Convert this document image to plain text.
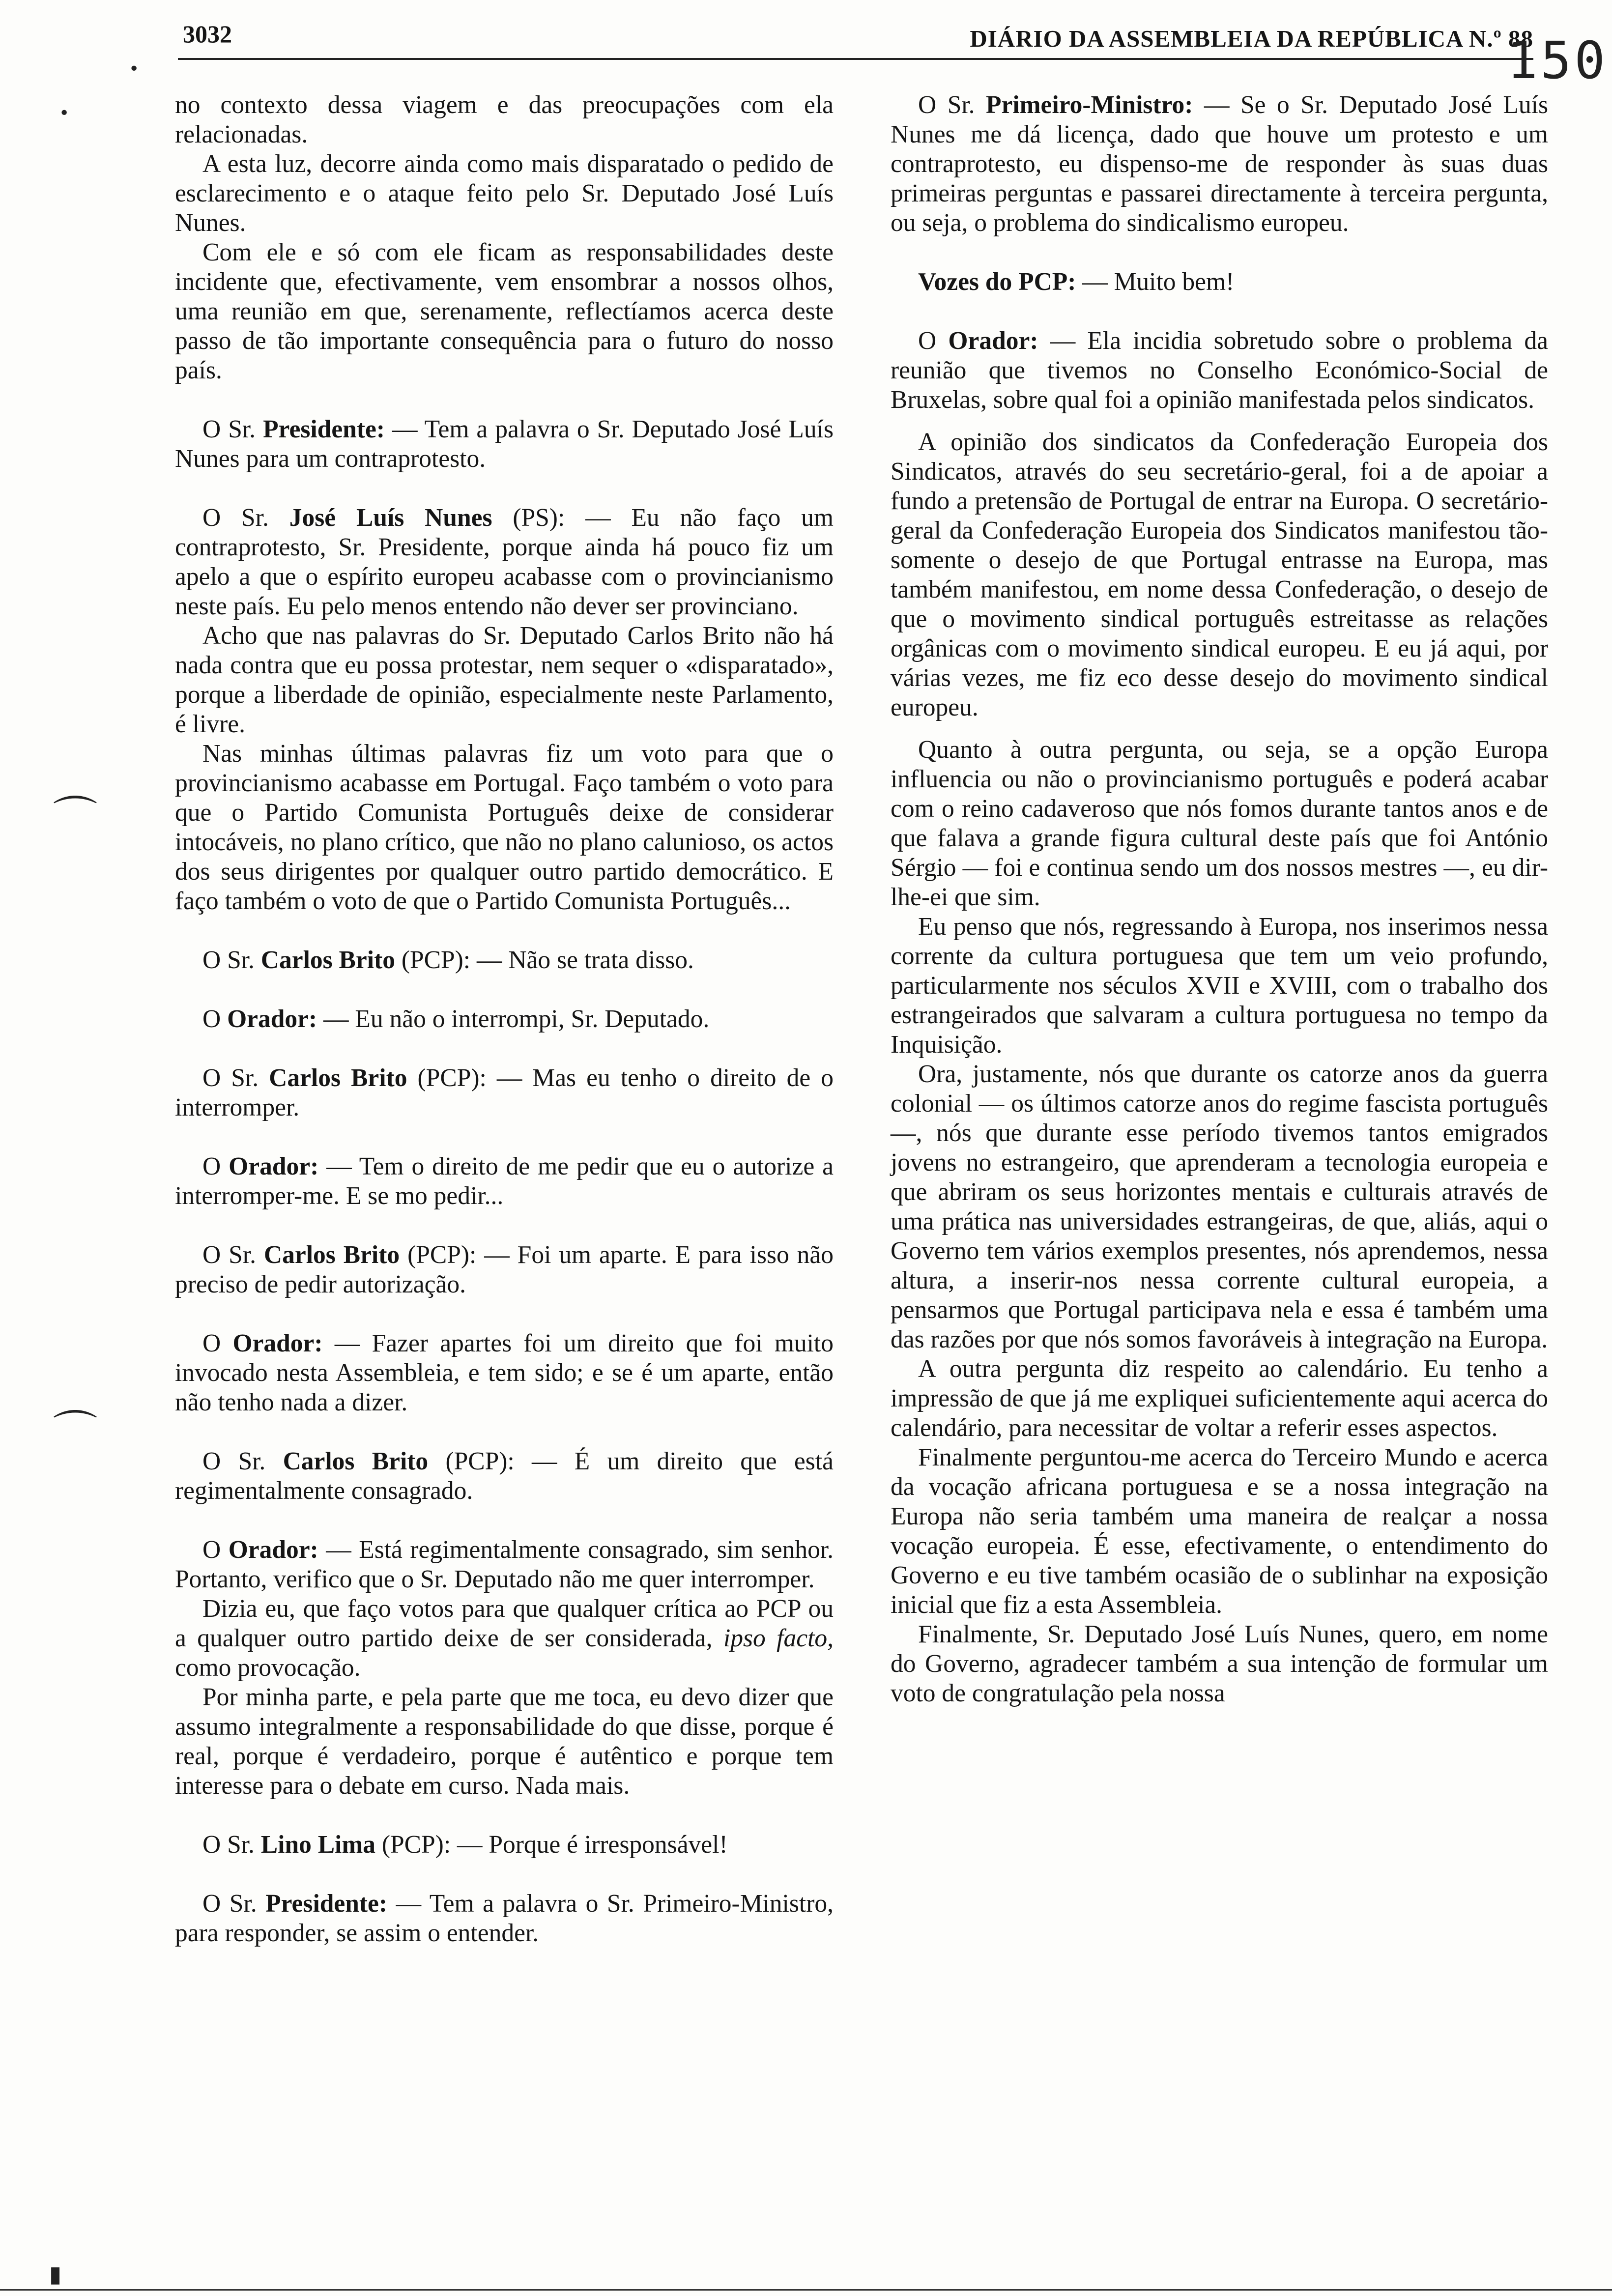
3032	DIÁRIO DA ASSEMBLEIA DA REPÚBLICA N.º 88
150

no contexto dessa viagem e das preocupações com ela relacionadas.

A esta luz, decorre ainda como mais disparatado o pedido de esclarecimento e o ataque feito pelo Sr. Deputado José Luís Nunes.

Com ele e só com ele ficam as responsabilidades deste incidente que, efectivamente, vem ensombrar a nossos olhos, uma reunião em que, serenamente, reflectíamos acerca deste passo de tão importante consequência para o futuro do nosso país.

O Sr. Presidente: — Tem a palavra o Sr. Deputado José Luís Nunes para um contraprotesto.

O Sr. José Luís Nunes (PS): — Eu não faço um contraprotesto, Sr. Presidente, porque ainda há pouco fiz um apelo a que o espírito europeu acabasse com o provincianismo neste país. Eu pelo menos entendo não dever ser provinciano.

Acho que nas palavras do Sr. Deputado Carlos Brito não há nada contra que eu possa protestar, nem sequer o «disparatado», porque a liberdade de opinião, especialmente neste Parlamento, é livre.

Nas minhas últimas palavras fiz um voto para que o provincianismo acabasse em Portugal. Faço também o voto para que o Partido Comunista Português deixe de considerar intocáveis, no plano crítico, que não no plano calunioso, os actos dos seus dirigentes por qualquer outro partido democrático. E faço também o voto de que o Partido Comunista Português...

O Sr. Carlos Brito (PCP): — Não se trata disso.

O Orador: — Eu não o interrompi, Sr. Deputado.

O Sr. Carlos Brito (PCP): — Mas eu tenho o direito de o interromper.

O Orador: — Tem o direito de me pedir que eu o autorize a interromper-me. E se mo pedir...

O Sr. Carlos Brito (PCP): — Foi um aparte. E para isso não preciso de pedir autorização.

O Orador: — Fazer apartes foi um direito que foi muito invocado nesta Assembleia, e tem sido; e se é um aparte, então não tenho nada a dizer.

O Sr. Carlos Brito (PCP): — É um direito que está regimentalmente consagrado.

O Orador: — Está regimentalmente consagrado, sim senhor. Portanto, verifico que o Sr. Deputado não me quer interromper.

Dizia eu, que faço votos para que qualquer crítica ao PCP ou a qualquer outro partido deixe de ser considerada, ipso facto, como provocação.

Por minha parte, e pela parte que me toca, eu devo dizer que assumo integralmente a responsabilidade do que disse, porque é real, porque é verdadeiro, porque é autêntico e porque tem interesse para o debate em curso. Nada mais.

O Sr. Lino Lima (PCP): — Porque é irresponsável!

O Sr. Presidente: — Tem a palavra o Sr. Primeiro-Ministro, para responder, se assim o entender.

O Sr. Primeiro-Ministro: — Se o Sr. Deputado José Luís Nunes me dá licença, dado que houve um protesto e um contraprotesto, eu dispenso-me de responder às suas duas primeiras perguntas e passarei directamente à terceira pergunta, ou seja, o problema do sindicalismo europeu.

Vozes do PCP: — Muito bem!

O Orador: — Ela incidia sobretudo sobre o problema da reunião que tivemos no Conselho Económico-Social de Bruxelas, sobre qual foi a opinião manifestada pelos sindicatos.

A opinião dos sindicatos da Confederação Europeia dos Sindicatos, através do seu secretário-geral, foi a de apoiar a fundo a pretensão de Portugal de entrar na Europa. O secretário-geral da Confederação Europeia dos Sindicatos manifestou tão-somente o desejo de que Portugal entrasse na Europa, mas também manifestou, em nome dessa Confederação, o desejo de que o movimento sindical português estreitasse as relações orgânicas com o movimento sindical europeu. E eu já aqui, por várias vezes, me fiz eco desse desejo do movimento sindical europeu.

Quanto à outra pergunta, ou seja, se a opção Europa influencia ou não o provincianismo português e poderá acabar com o reino cadaveroso que nós fomos durante tantos anos e de que falava a grande figura cultural deste país que foi António Sérgio — foi e continua sendo um dos nossos mestres —, eu dir-lhe-ei que sim.

Eu penso que nós, regressando à Europa, nos inserimos nessa corrente da cultura portuguesa que tem um veio profundo, particularmente nos séculos XVII e XVIII, com o trabalho dos estrangeirados que salvaram a cultura portuguesa no tempo da Inquisição.

Ora, justamente, nós que durante os catorze anos da guerra colonial — os últimos catorze anos do regime fascista português —, nós que durante esse período tivemos tantos emigrados jovens no estrangeiro, que aprenderam a tecnologia europeia e que abriram os seus horizontes mentais e culturais através de uma prática nas universidades estrangeiras, de que, aliás, aqui o Governo tem vários exemplos presentes, nós aprendemos, nessa altura, a inserir-nos nessa corrente cultural europeia, a pensarmos que Portugal participava nela e essa é também uma das razões por que nós somos favoráveis à integração na Europa.

A outra pergunta diz respeito ao calendário. Eu tenho a impressão de que já me expliquei suficientemente aqui acerca do calendário, para necessitar de voltar a referir esses aspectos.

Finalmente perguntou-me acerca do Terceiro Mundo e acerca da vocação africana portuguesa e se a nossa integração na Europa não seria também uma maneira de realçar a nossa vocação europeia. É esse, efectivamente, o entendimento do Governo e eu tive também ocasião de o sublinhar na exposição inicial que fiz a esta Assembleia.

Finalmente, Sr. Deputado José Luís Nunes, quero, em nome do Governo, agradecer também a sua intenção de formular um voto de congratulação pela nossa

•
•
⌒
⌒
▮
